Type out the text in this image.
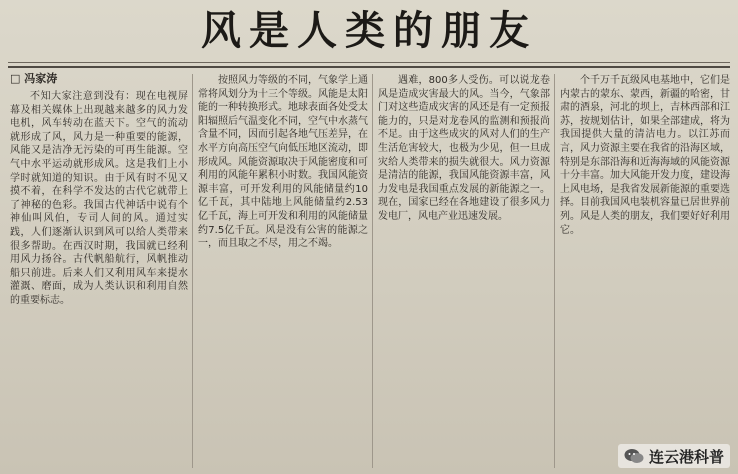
风是人类的朋友
□ 冯家涛

不知大家注意到没有：现在电视屏幕及相关媒体上出现越来越多的风力发电机，风车转动在蓝天下。空气的流动就形成了风，风力是一种重要的能源，风能又是洁净无污染的可再生能源。空气中水平运动就形成风。这是我们上小学时就知道的知识。由于风有时不见又摸不着，在科学不发达的古代它就带上了神秘的色彩。我国古代神话中说有个神仙叫风伯，专司人间的风。通过实践，人们逐渐认识到风可以给人类带来很多帮助。在西汉时期，我国就已经利用风力扬谷。古代帆船航行，风帆推动船只前进。后来人们又利用风车来提水灌溉、磨面，成为人类认识和利用自然的重要标志。

按照风力等级的不同，气象学上通常将风划分为十三个等级。风能是太阳能的一种转换形式。地球表面各处受太阳辐照后气温变化不同，空气中水蒸气含量不同，因而引起各地气压差异，在水平方向高压空气向低压地区流动，即形成风。风能资源取决于风能密度和可利用的风能年累积小时数。我国风能资源丰富，可开发利用的风能储量约10亿千瓦，其中陆地上风能储量约2.53亿千瓦，海上可开发和利用的风能储量约7.5亿千瓦。风是没有公害的能源之一，而且取之不尽，用之不竭。

遇难，800多人受伤。可以说龙卷风是造成灾害最大的风。当今，气象部门对这些造成灾害的风还是有一定预报能力的，只是对龙卷风的监测和预报尚不足。由于这些成灾的风对人们的生产生活危害较大，也极为少见，但一旦成灾给人类带来的损失就很大。风力资源是清洁的能源，我国风能资源丰富，风力发电是我国重点发展的新能源之一。现在，国家已经在各地建设了很多风力发电厂，风电产业迅速发展。

个千万千瓦级风电基地中，它们是内蒙古的蒙东、蒙西，新疆的哈密，甘肃的酒泉，河北的坝上，吉林西部和江苏，按规划估计，如果全部建成，将为我国提供大量的清洁电力。以江苏而言，风力资源主要在我省的沿海区域，特别是东部沿海和近海海域的风能资源十分丰富。加大风能开发力度，建设海上风电场，是我省发展新能源的重要选择。目前我国风电装机容量已居世界前列。风是人类的朋友，我们要好好利用它。

连云港科普
